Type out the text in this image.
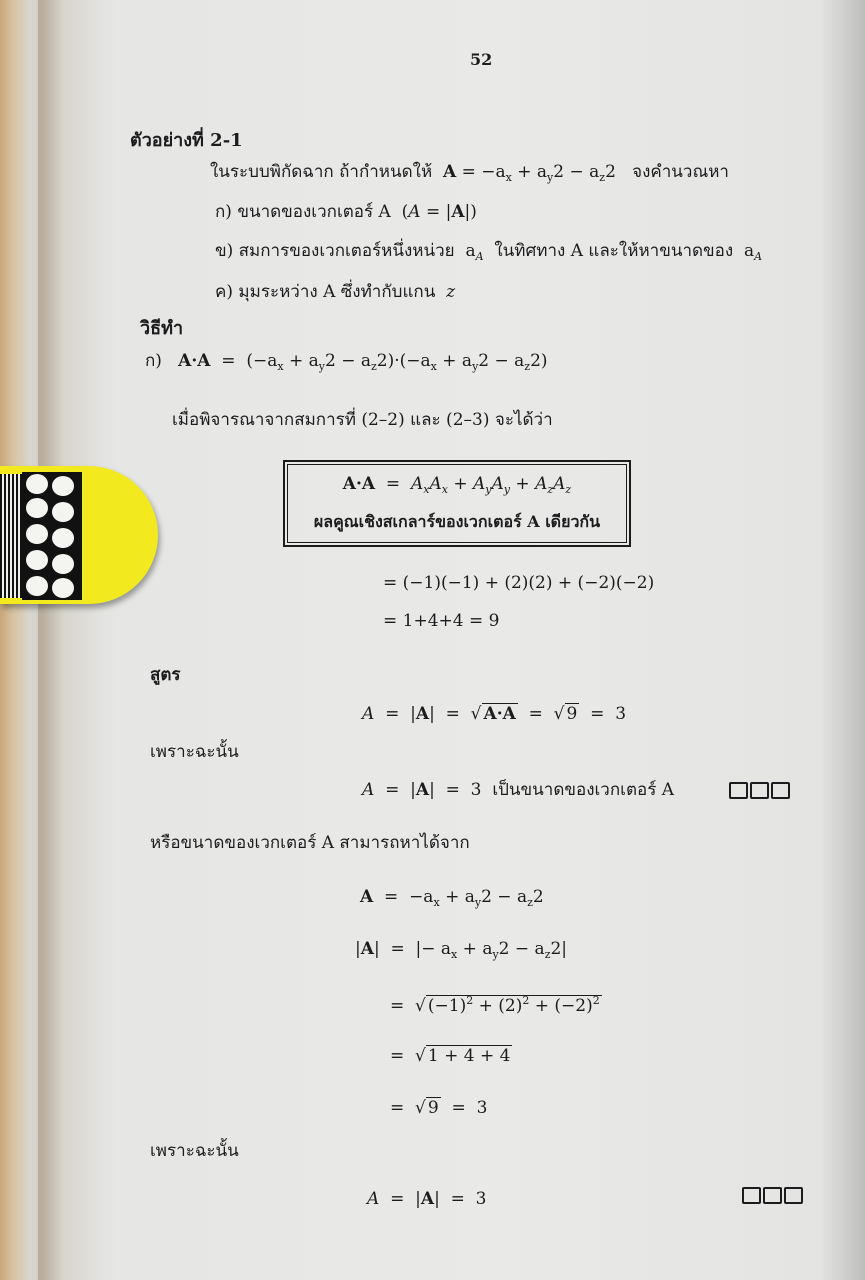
52
ตัวอย่างที่ 2-1
ในระบบพิกัดฉาก ถ้ากำหนดให้ $A = -a_x + a_y2 - a_z2$   จงคำนวณหา
ก) ขนาดของเวกเตอร์ A  (A = |A|)
ข) สมการของเวกเตอร์หนึ่งหน่วย  $a_A$ ในทิศทาง A และให้หาขนาดของ  $a_A$
ค) มุมระหว่าง A ซึ่งทำกับแกน z
วิธีทำ
ก) $A\cdot A = (-a_x + a_y2 - a_z2)\cdot(-a_x + a_y2 - a_z2)$
เมื่อพิจารณาจากสมการที่ (2–2) และ (2–3) จะได้ว่า
$A\cdot A = A_xA_x + A_yA_y + A_zA_z$
ผลคูณเชิงสเกลาร์ของเวกเตอร์ A เดียวกัน
= (−1)(−1) + (2)(2) + (−2)(−2)
= 1+4+4 = 9
สูตร
A  =  |A|  =  √ A·A  =  √ 9  =  3
เพราะฉะนั้น
A  =  |A|  =  3 เป็นขนาดของเวกเตอร์ A
หรือขนาดของเวกเตอร์ A สามารถหาได้จาก
$A = -a_x + a_y2 - a_z2$
|A|  =  |− $a_x + a_y2 - a_z2|$
=  √ $(-1)^2 + (2)^2 + (-2)^2$
=  √ 1 + 4 + 4
=  √ 9  =  3
เพราะฉะนั้น
A  =  |A|  =  3
